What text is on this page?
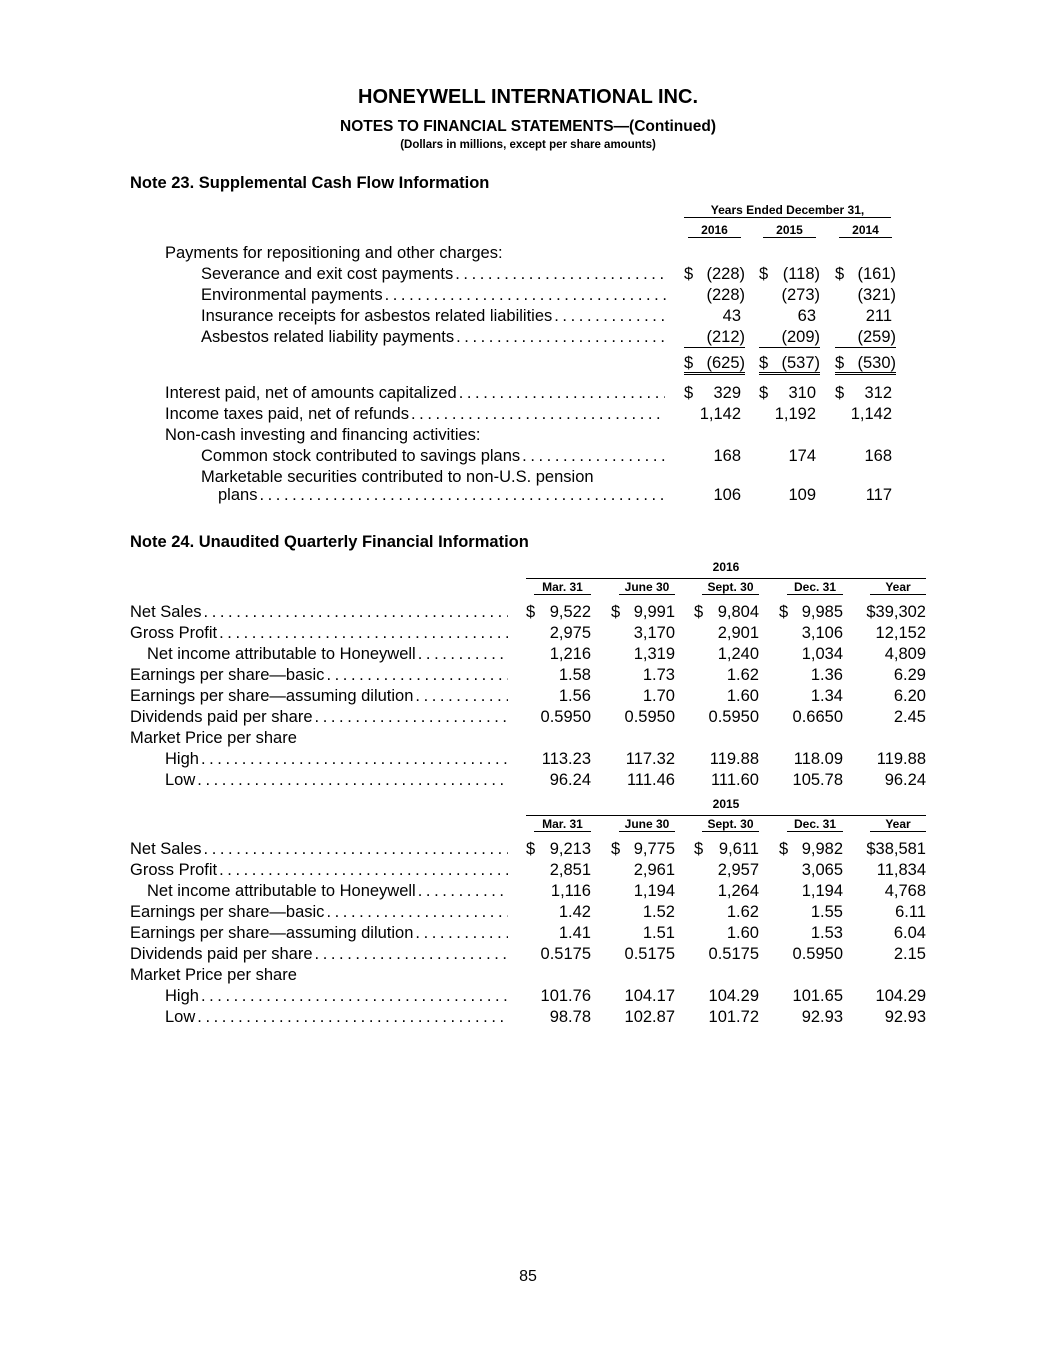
HONEYWELL INTERNATIONAL INC.
NOTES TO FINANCIAL STATEMENTS—(Continued)
(Dollars in millions, except per share amounts)
Note 23. Supplemental Cash Flow Information
Years Ended December 31,
2016	2015	2014
Payments for repositioning and other charges:
Severance and exit cost payments . . .	$ (228) $ (118) $ (161)
Environmental payments . . .	(228)	(273)	(321)
Insurance receipts for asbestos related liabilities . . .	43	63	211
Asbestos related liability payments . . .	(212)	(209)	(259)
$ (625) $ (537) $ (530)
Interest paid, net of amounts capitalized . . .	$	329 $	310 $	312
Income taxes paid, net of refunds . . .	1,142	1,192	1,142
Non-cash investing and financing activities:
Common stock contributed to savings plans . . .	168	174	168
Marketable securities contributed to non-U.S. pension
plans . . .	106	109	117
Note 24. Unaudited Quarterly Financial Information
2016
Mar. 31	June 30	Sept. 30	Dec. 31	Year
Net Sales . . .	$ 9,522 $ 9,991 $ 9,804 $ 9,985 $39,302
Gross Profit . . .	2,975	3,170	2,901	3,106	12,152
Net income attributable to Honeywell . . .	1,216	1,319	1,240	1,034	4,809
Earnings per share—basic . . .	1.58	1.73	1.62	1.36	6.29
Earnings per share—assuming dilution . . .	1.56	1.70	1.60	1.34	6.20
Dividends paid per share . . .	0.5950	0.5950	0.5950	0.6650	2.45
Market Price per share
High . . .	113.23	117.32	119.88	118.09	119.88
Low . . .	96.24	111.46	111.60	105.78	96.24
2015
Mar. 31	June 30	Sept. 30	Dec. 31	Year
Net Sales . . .	$ 9,213 $ 9,775 $ 9,611 $ 9,982 $38,581
Gross Profit . . .	2,851	2,961	2,957	3,065	11,834
Net income attributable to Honeywell . . .	1,116	1,194	1,264	1,194	4,768
Earnings per share—basic . . .	1.42	1.52	1.62	1.55	6.11
Earnings per share—assuming dilution . . .	1.41	1.51	1.60	1.53	6.04
Dividends paid per share . . .	0.5175	0.5175	0.5175	0.5950	2.15
Market Price per share
High . . .	101.76	104.17	104.29	101.65	104.29
Low . . .	98.78	102.87	101.72	92.93	92.93
85
